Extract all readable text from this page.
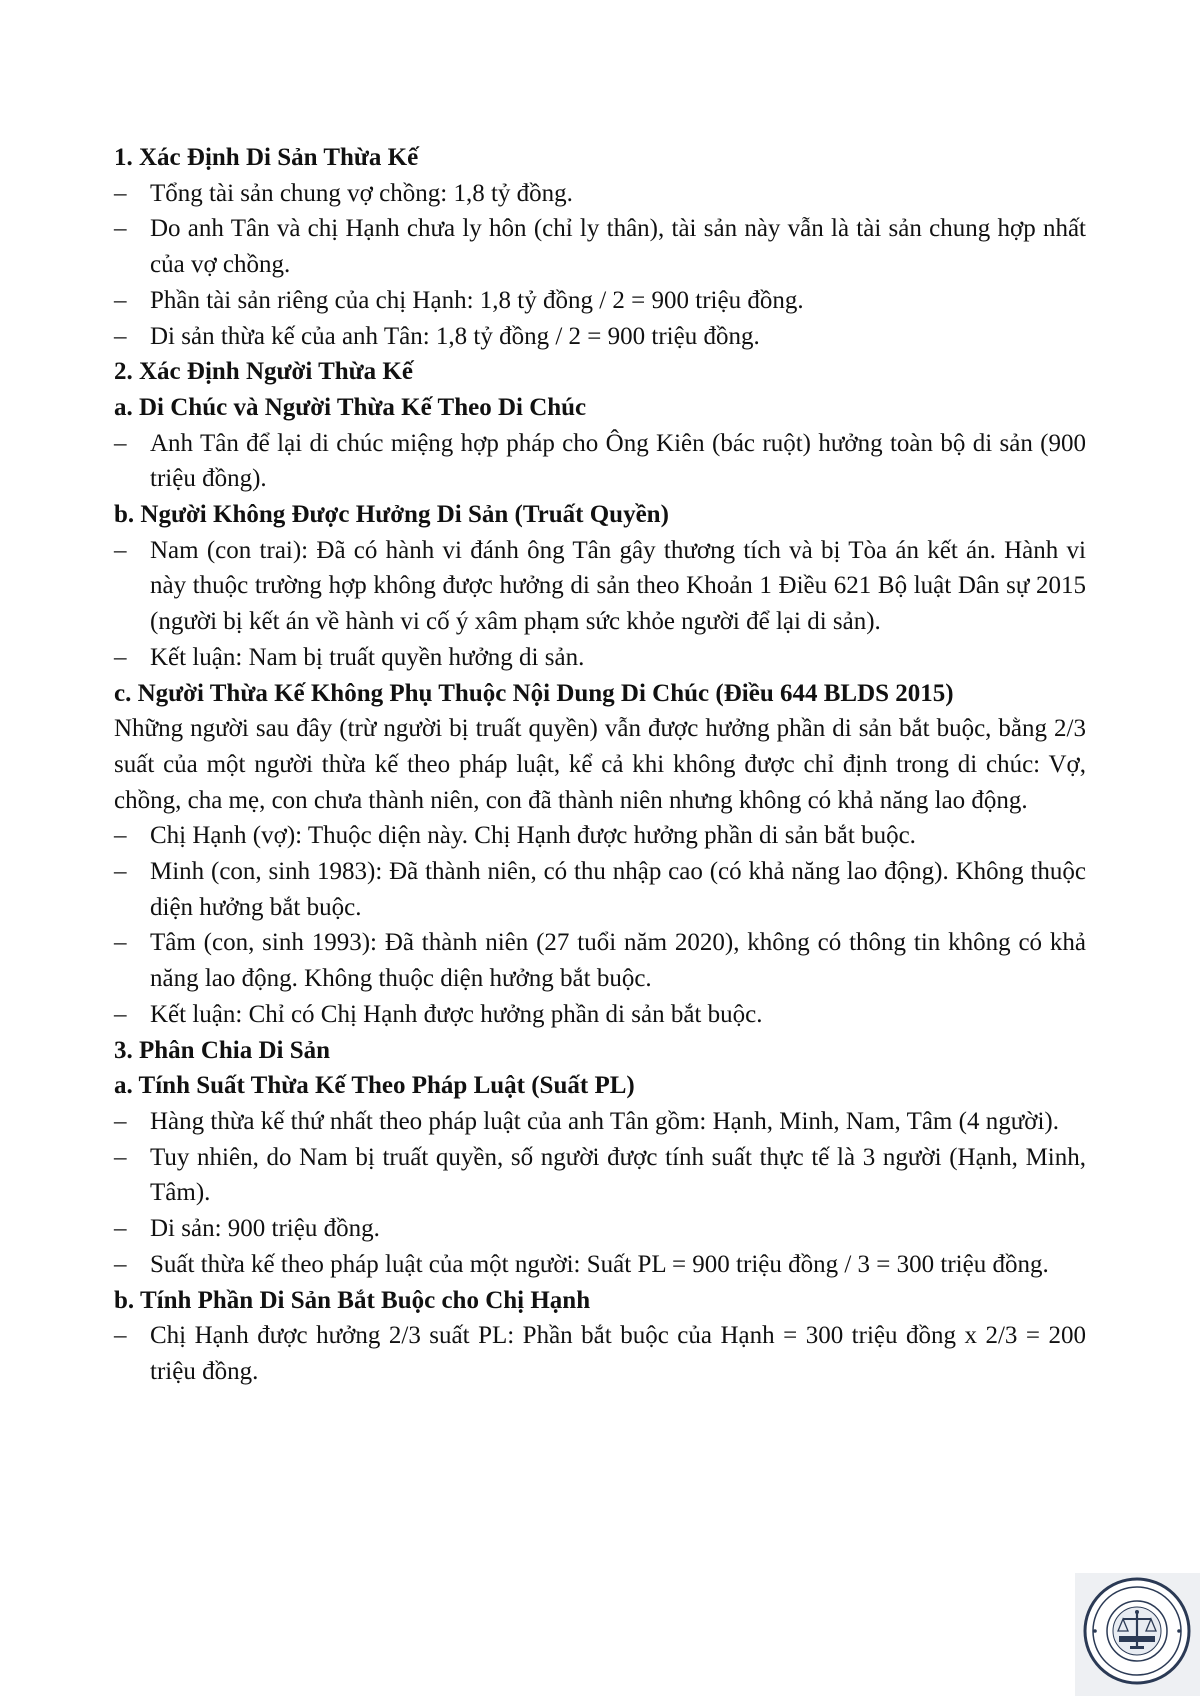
1. Xác Định Di Sản Thừa Kế

– Tổng tài sản chung vợ chồng: 1,8 tỷ đồng.

– Do anh Tân và chị Hạnh chưa ly hôn (chỉ ly thân), tài sản này vẫn là tài sản chung hợp nhất của vợ chồng.

– Phần tài sản riêng của chị Hạnh: 1,8 tỷ đồng / 2 = 900 triệu đồng.

– Di sản thừa kế của anh Tân: 1,8 tỷ đồng / 2 = 900 triệu đồng.

2. Xác Định Người Thừa Kế

a. Di Chúc và Người Thừa Kế Theo Di Chúc

– Anh Tân để lại di chúc miệng hợp pháp cho Ông Kiên (bác ruột) hưởng toàn bộ di sản (900 triệu đồng).

b. Người Không Được Hưởng Di Sản (Truất Quyền)

– Nam (con trai): Đã có hành vi đánh ông Tân gây thương tích và bị Tòa án kết án. Hành vi này thuộc trường hợp không được hưởng di sản theo Khoản 1 Điều 621 Bộ luật Dân sự 2015 (người bị kết án về hành vi cố ý xâm phạm sức khỏe người để lại di sản).

– Kết luận: Nam bị truất quyền hưởng di sản.

c. Người Thừa Kế Không Phụ Thuộc Nội Dung Di Chúc (Điều 644 BLDS 2015)

Những người sau đây (trừ người bị truất quyền) vẫn được hưởng phần di sản bắt buộc, bằng 2/3 suất của một người thừa kế theo pháp luật, kể cả khi không được chỉ định trong di chúc: Vợ, chồng, cha mẹ, con chưa thành niên, con đã thành niên nhưng không có khả năng lao động.

– Chị Hạnh (vợ): Thuộc diện này. Chị Hạnh được hưởng phần di sản bắt buộc.

– Minh (con, sinh 1983): Đã thành niên, có thu nhập cao (có khả năng lao động). Không thuộc diện hưởng bắt buộc.

– Tâm (con, sinh 1993): Đã thành niên (27 tuổi năm 2020), không có thông tin không có khả năng lao động. Không thuộc diện hưởng bắt buộc.

– Kết luận: Chỉ có Chị Hạnh được hưởng phần di sản bắt buộc.

3. Phân Chia Di Sản

a. Tính Suất Thừa Kế Theo Pháp Luật (Suất PL)

– Hàng thừa kế thứ nhất theo pháp luật của anh Tân gồm: Hạnh, Minh, Nam, Tâm (4 người).

– Tuy nhiên, do Nam bị truất quyền, số người được tính suất thực tế là 3 người (Hạnh, Minh, Tâm).

– Di sản: 900 triệu đồng.

– Suất thừa kế theo pháp luật của một người: Suất PL = 900 triệu đồng / 3 = 300 triệu đồng.

b. Tính Phần Di Sản Bắt Buộc cho Chị Hạnh

– Chị Hạnh được hưởng 2/3 suất PL: Phần bắt buộc của Hạnh = 300 triệu đồng x 2/3 = 200 triệu đồng.
